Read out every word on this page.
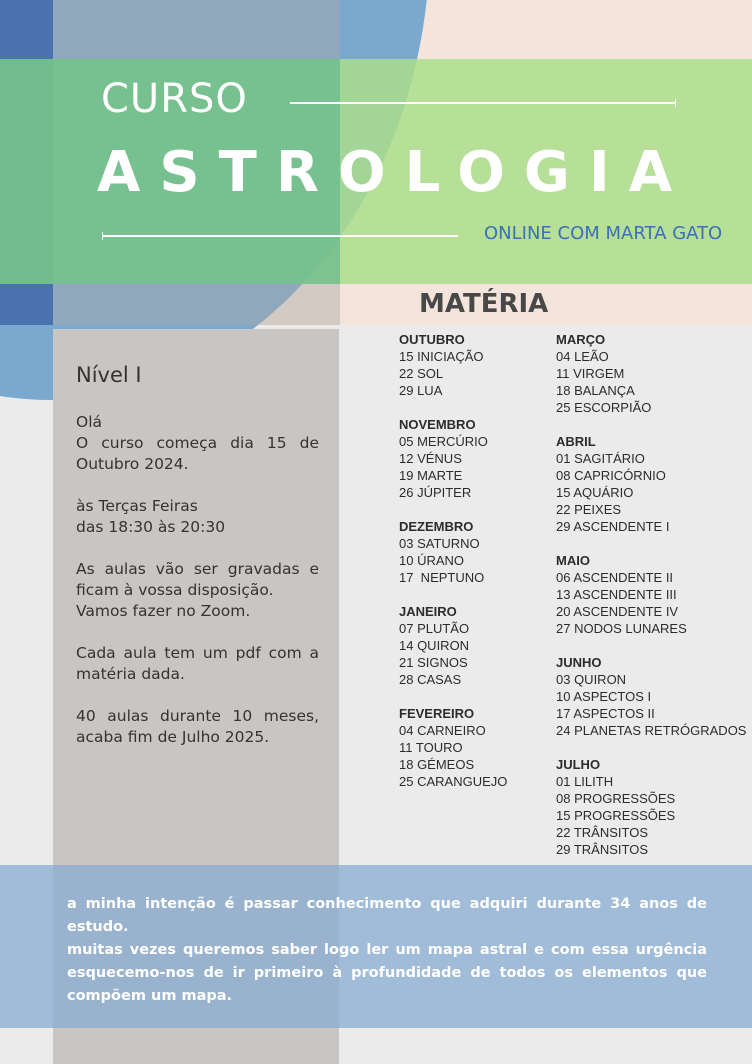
CURSO
ASTROLOGIA
ONLINE COM MARTA GATO
MATÉRIA
Nível I

Olá
O curso começa dia 15 de Outubro 2024.

às Terças Feiras
das 18:30 às 20:30

As aulas vão ser gravadas e ficam à vossa disposição.
Vamos fazer no Zoom.

Cada aula tem um pdf com a matéria dada.

40 aulas durante 10 meses, acaba fim de Julho 2025.

OUTUBRO
15 INICIAÇÃO
22 SOL
29 LUA
NOVEMBRO
05 MERCÚRIO
12 VÉNUS
19 MARTE
26 JÚPITER
DEZEMBRO
03 SATURNO
10 ÚRANO
17  NEPTUNO
JANEIRO
07 PLUTÃO
14 QUIRON
21 SIGNOS
28 CASAS
FEVEREIRO
04 CARNEIRO
11 TOURO
18 GÉMEOS
25 CARANGUEJO
MARÇO
04 LEÃO
11 VIRGEM
18 BALANÇA
25 ESCORPIÃO
ABRIL
01 SAGITÁRIO
08 CAPRICÓRNIO
15 AQUÁRIO
22 PEIXES
29 ASCENDENTE I
MAIO
06 ASCENDENTE II
13 ASCENDENTE III
20 ASCENDENTE IV
27 NODOS LUNARES
JUNHO
03 QUIRON
10 ASPECTOS I
17 ASPECTOS II
24 PLANETAS RETRÓGRADOS
JULHO
01 LILITH
08 PROGRESSÕES
15 PROGRESSÕES
22 TRÂNSITOS
29 TRÂNSITOS
a minha intenção é passar conhecimento que adquiri durante 34 anos de estudo.
muitas vezes queremos saber logo ler um mapa astral e com essa urgência esquecemo-nos de ir primeiro à profundidade de todos os elementos que compõem um mapa.
